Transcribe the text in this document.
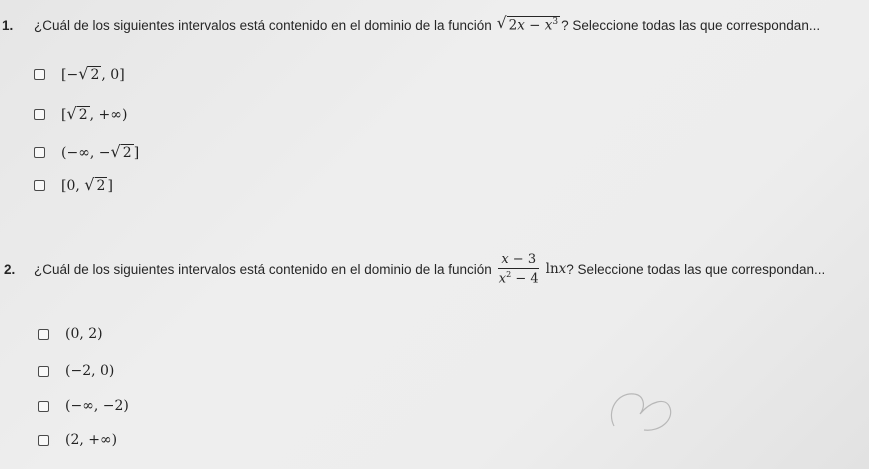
1.	¿Cuál de los siguientes intervalos está contenido en el dominio de la función √ $2x - x^3$ ? Seleccione todas las que correspondan...
[− √ 2 , 0]
[ √ 2 , +∞)
(−∞, − √ 2 ]
[0, √ 2 ]
2.	¿Cuál de los siguientes intervalos está contenido en el dominio de la función $\frac{x - 3}{x^2 - 4}$ ln x ? Seleccione todas las que correspondan...
(0, 2)
(−2, 0)
(−∞, −2)
(2, +∞)
